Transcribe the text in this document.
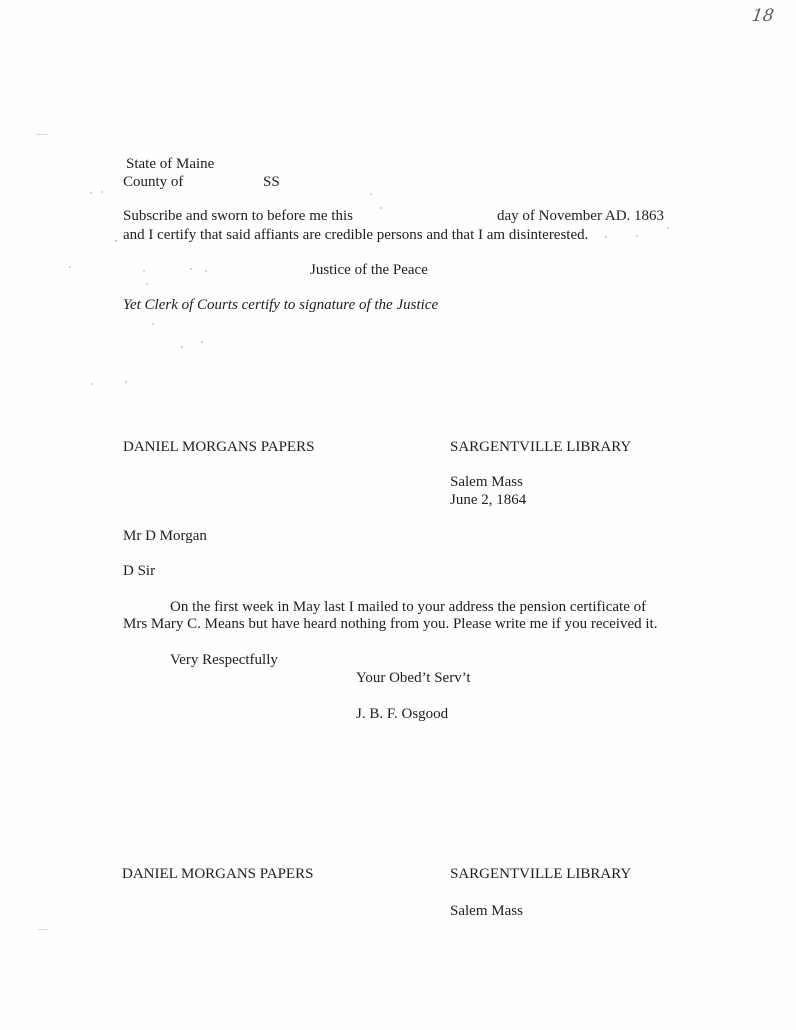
18
State of Maine
County of	SS
Subscribe and sworn to before me this	day of November AD. 1863
and I certify that said affiants are credible persons and that I am disinterested.
Justice of the Peace
Yet Clerk of Courts certify to signature of the Justice
DANIEL MORGANS PAPERS	SARGENTVILLE LIBRARY
Salem Mass
June 2, 1864
Mr D Morgan
D Sir
On the first week in May last I mailed to your address the pension certificate of
Mrs Mary C. Means but have heard nothing from you. Please write me if you received it.
Very Respectfully
Your Obed’t Serv’t
J. B. F. Osgood
DANIEL MORGANS PAPERS	SARGENTVILLE LIBRARY
Salem Mass
